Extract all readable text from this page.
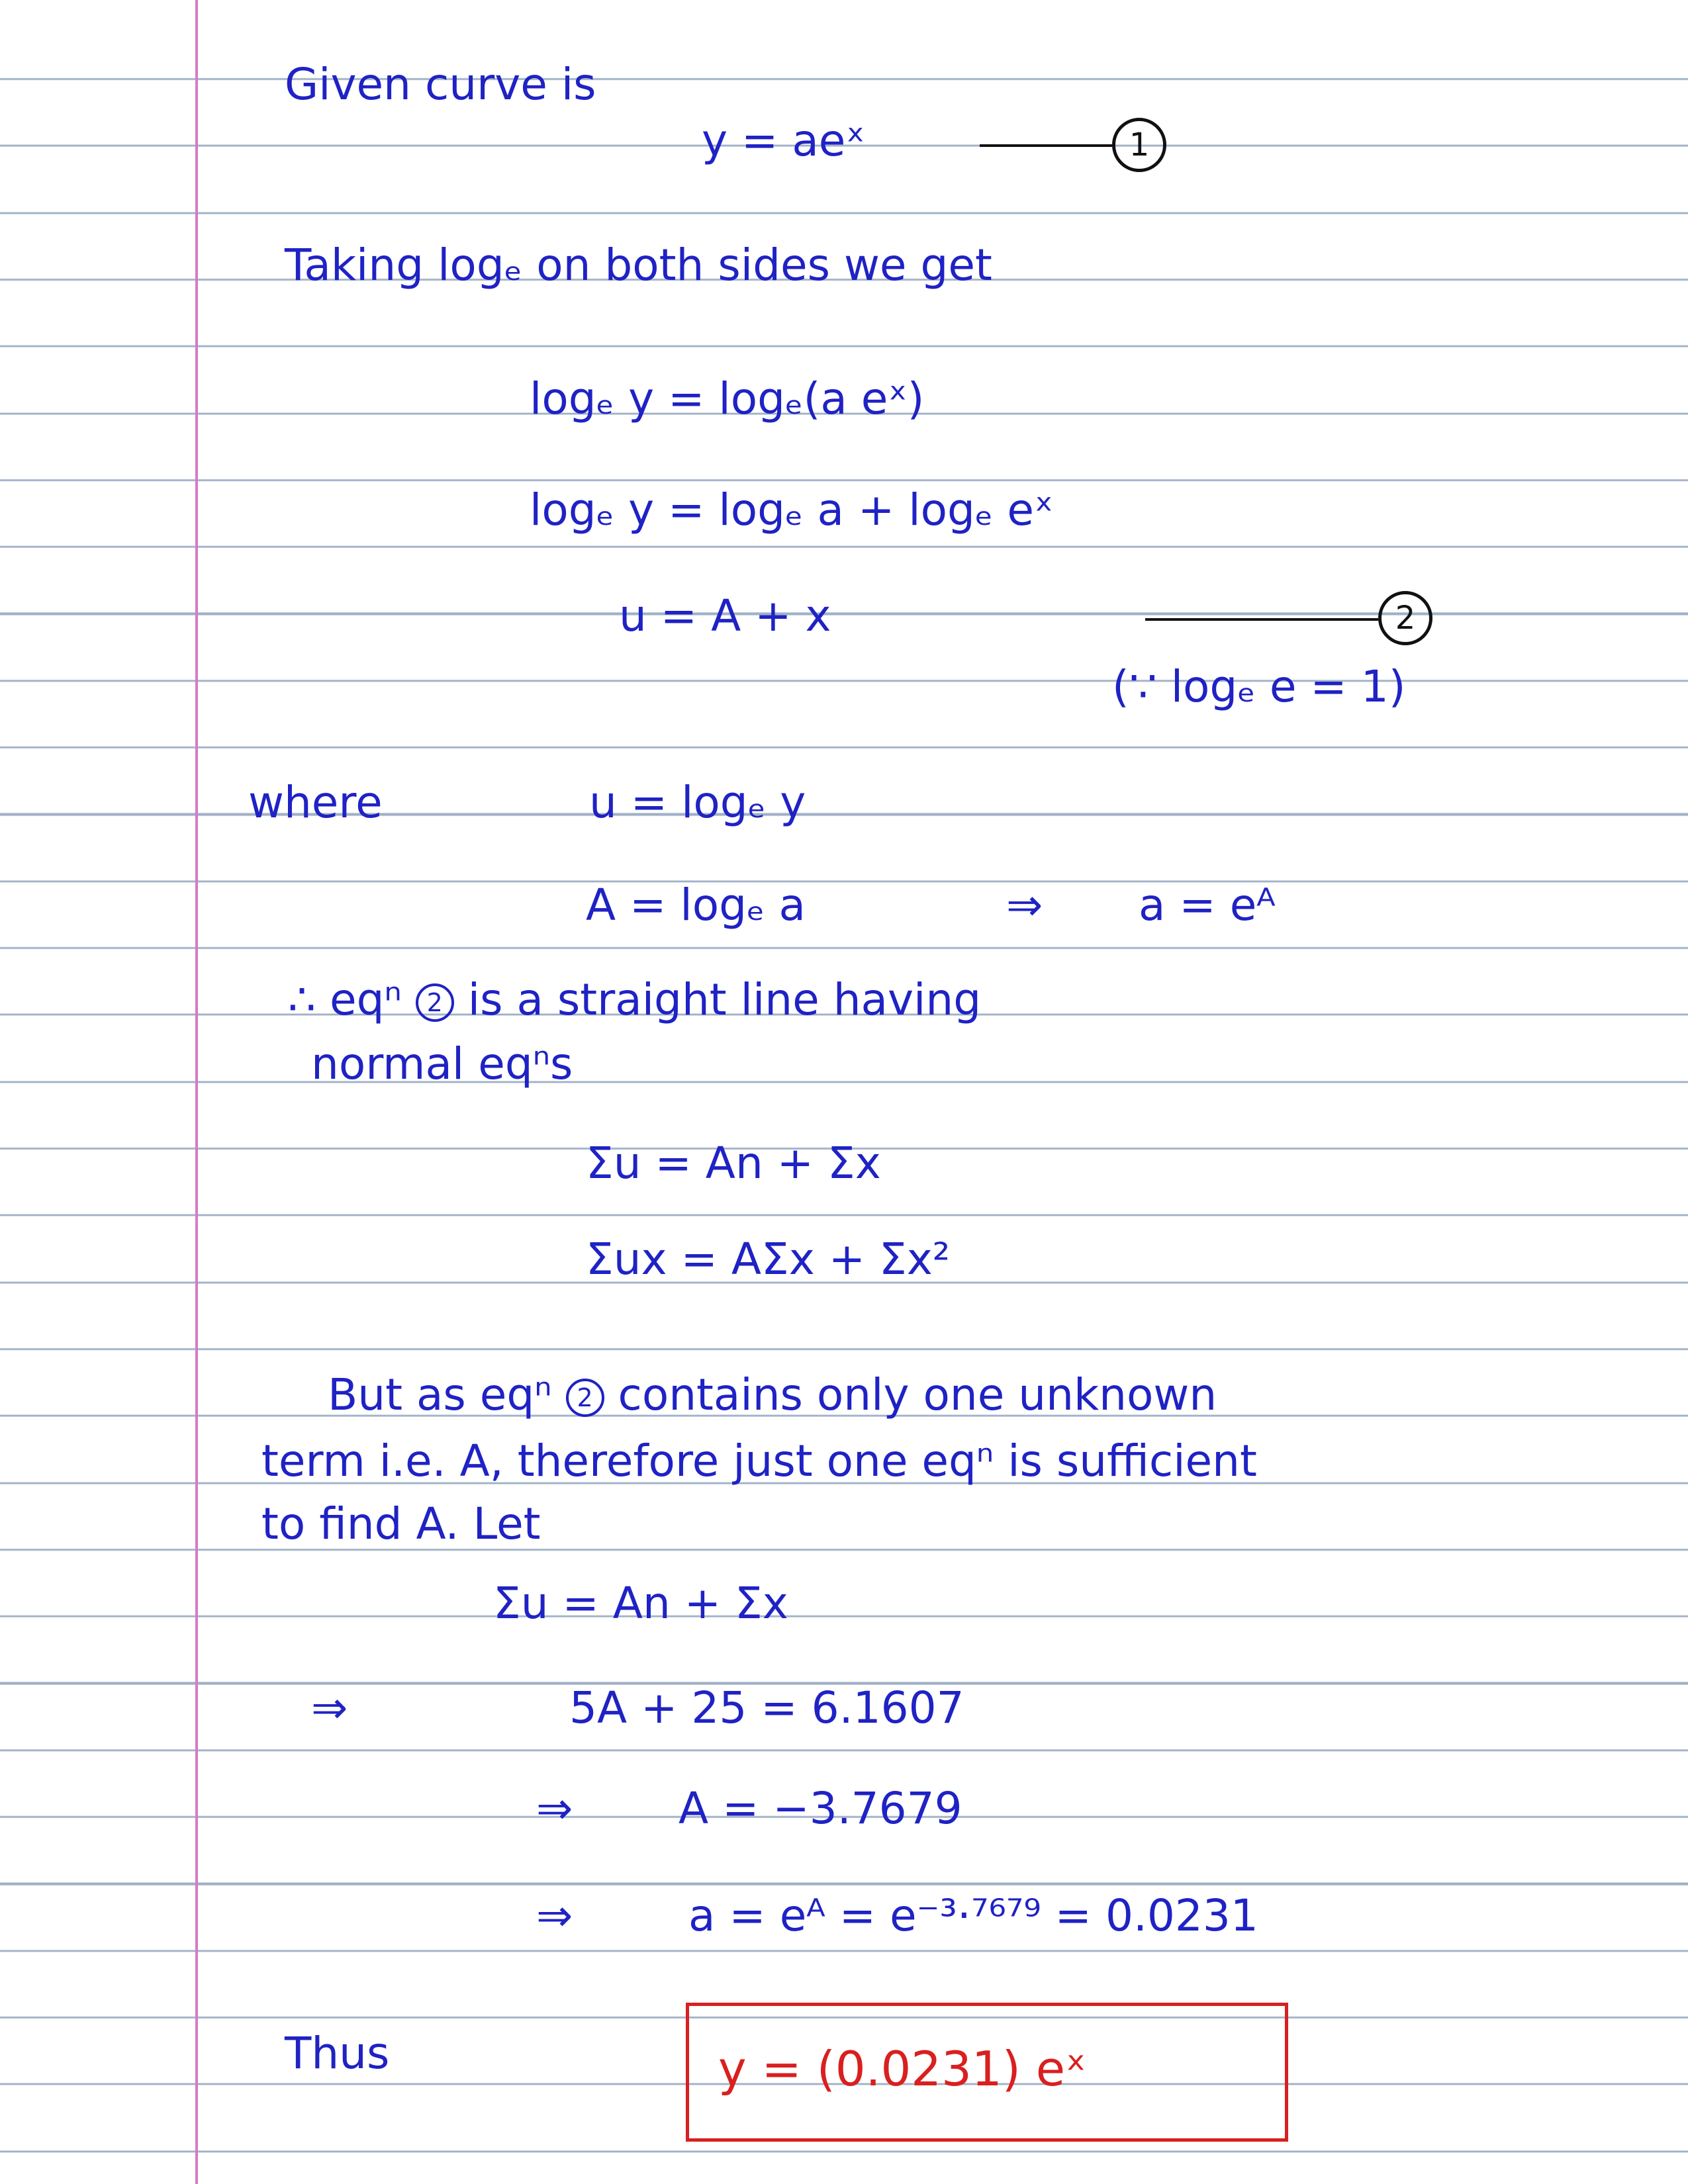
Given curve is
y = aeˣ	1
Taking logₑ on both sides we get
logₑ y = logₑ(a eˣ)
logₑ y = logₑ a + logₑ eˣ
u = A + x	2
(∵ logₑ e = 1)
where	u = logₑ y
A = logₑ a	⇒ a = eᴬ
∴ eqⁿ 2 is a straight line having
normal eqⁿs
Σu = An + Σx
Σux = AΣx + Σx²
But as eqⁿ 2 contains only one unknown
term i.e. A, therefore just one eqⁿ is sufficient
to find A. Let
Σu = An + Σx
⇒	5A + 25 = 6.1607
⇒ A = −3.7679
⇒	a = eᴬ = e⁻³·⁷⁶⁷⁹ = 0.0231
Thus	y = (0.0231) eˣ
